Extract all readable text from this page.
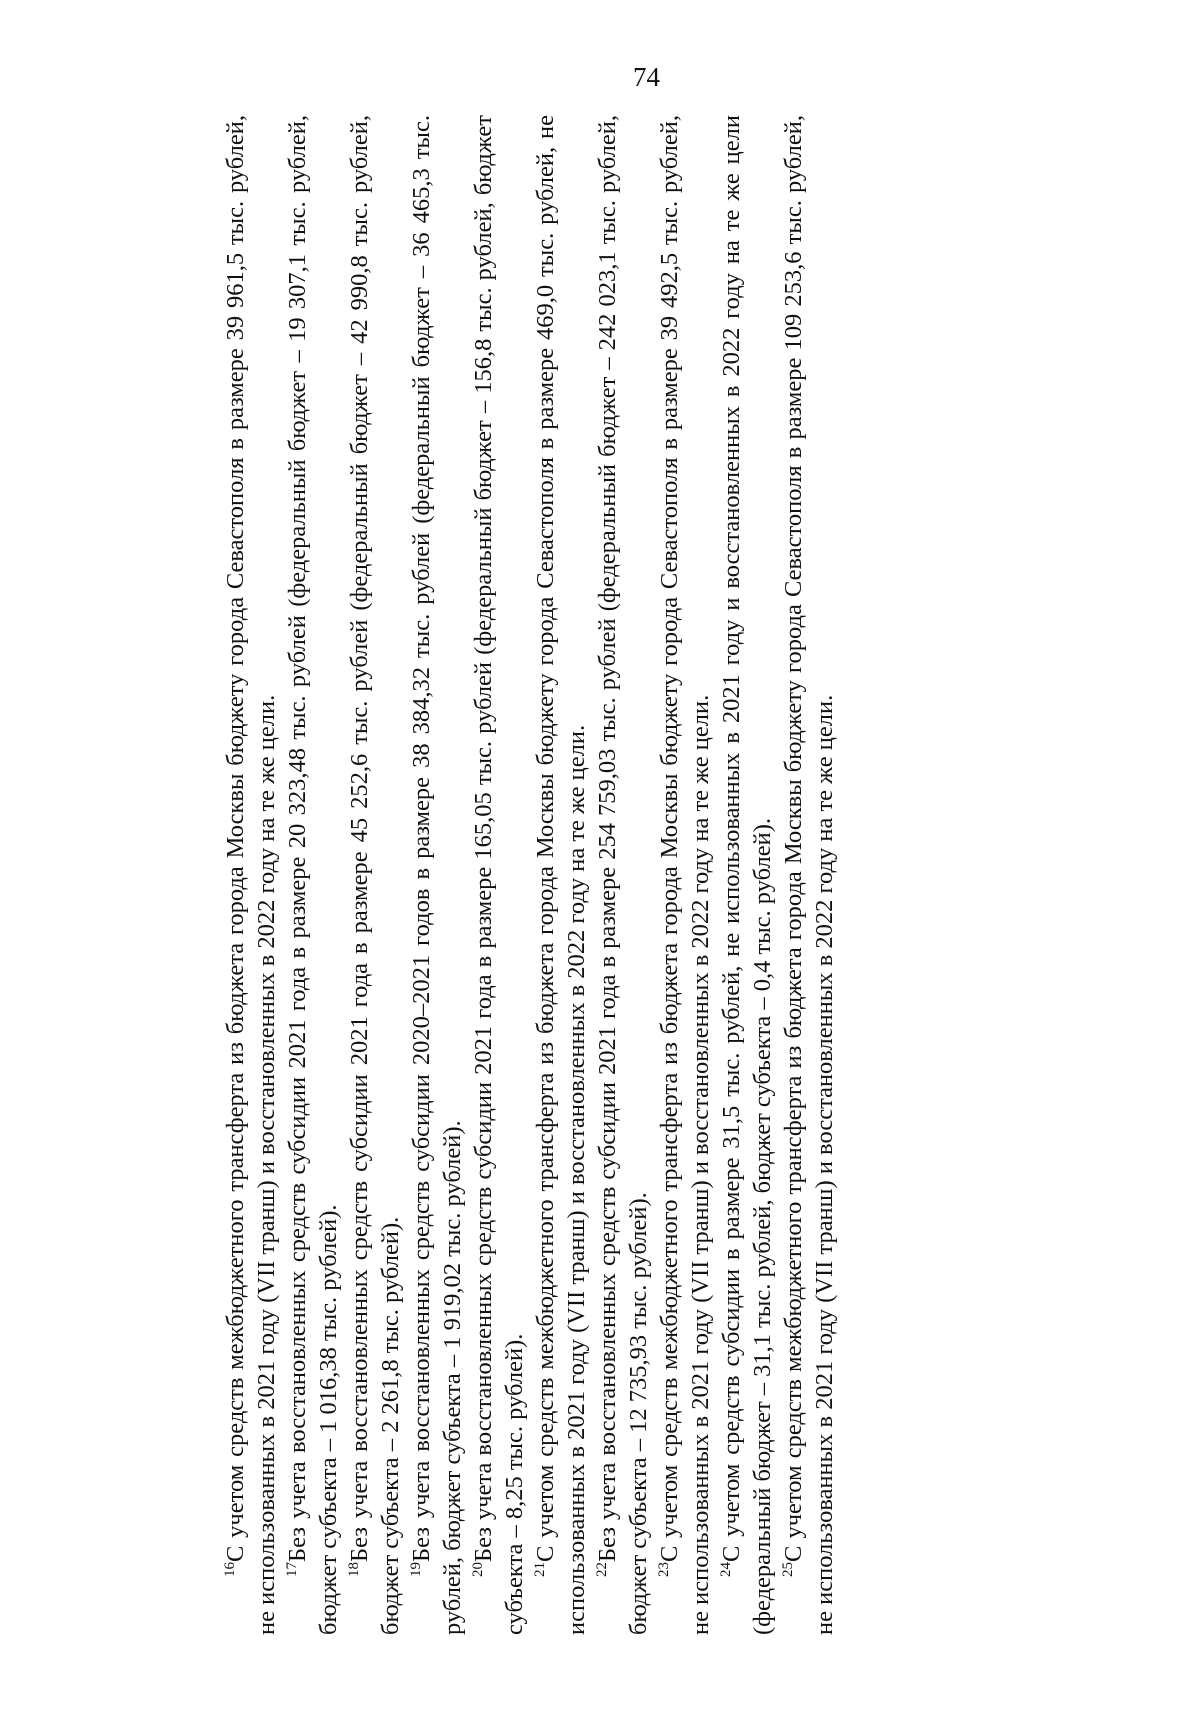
74

$^{16}$С учетом средств межбюджетного трансферта из бюджета города Москвы бюджету города Севастополя в размере 39 961,5 тыс. рублей, не использованных в 2021 году (VII транш) и восстановленных в 2022 году на те же цели. $^{17}$Без учета восстановленных средств субсидии 2021 года в размере 20 323,48 тыс. рублей (федеральный бюджет – 19 307,1 тыс. рублей, бюджет субъекта – 1 016,38 тыс. рублей). $^{18}$Без учета восстановленных средств субсидии 2021 года в размере 45 252,6 тыс. рублей (федеральный бюджет – 42 990,8 тыс. рублей, бюджет субъекта – 2 261,8 тыс. рублей). $^{19}$Без учета восстановленных средств субсидии 2020–2021 годов в размере 38 384,32 тыс. рублей (федеральный бюджет – 36 465,3 тыс. рублей, бюджет субъекта – 1 919,02 тыс. рублей). $^{20}$Без учета восстановленных средств субсидии 2021 года в размере 165,05 тыс. рублей (федеральный бюджет – 156,8 тыс. рублей, бюджет субъекта – 8,25 тыс. рублей). $^{21}$С учетом средств межбюджетного трансферта из бюджета города Москвы бюджету города Севастополя в размере 469,0 тыс. рублей, не использованных в 2021 году (VII транш) и восстановленных в 2022 году на те же цели. $^{22}$Без учета восстановленных средств субсидии 2021 года в размере 254 759,03 тыс. рублей (федеральный бюджет – 242 023,1 тыс. рублей, бюджет субъекта – 12 735,93 тыс. рублей). $^{23}$С учетом средств межбюджетного трансферта из бюджета города Москвы бюджету города Севастополя в размере 39 492,5 тыс. рублей, не использованных в 2021 году (VII транш) и восстановленных в 2022 году на те же цели. $^{24}$С учетом средств субсидии в размере 31,5 тыс. рублей, не использованных в 2021 году и восстановленных в 2022 году на те же цели (федеральный бюджет – 31,1 тыс. рублей, бюджет субъекта – 0,4 тыс. рублей). $^{25}$С учетом средств межбюджетного трансферта из бюджета города Москвы бюджету города Севастополя в размере 109 253,6 тыс. рублей, не использованных в 2021 году (VII транш) и восстановленных в 2022 году на те же цели.
